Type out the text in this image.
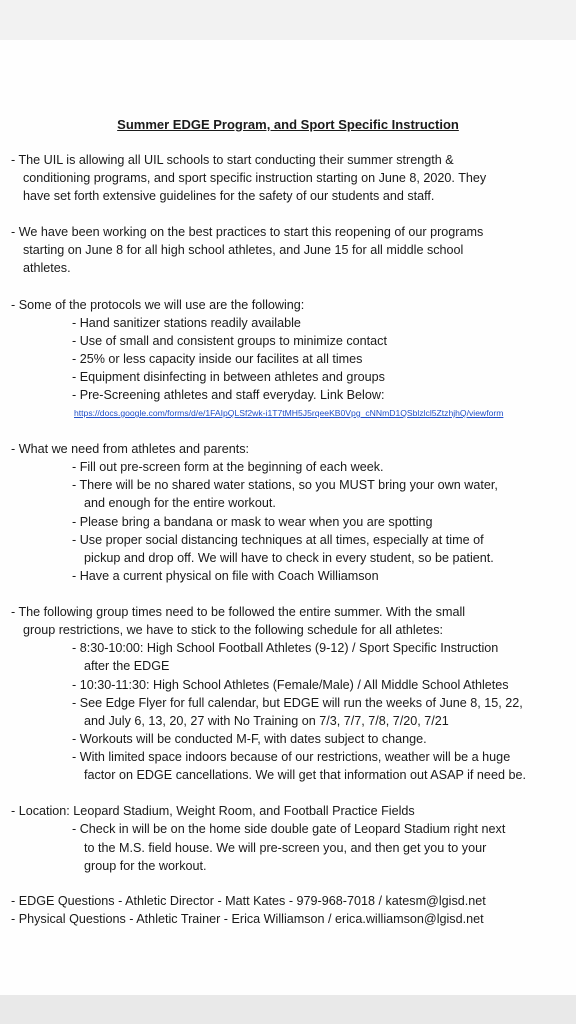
Summer EDGE Program, and Sport Specific Instruction
- The UIL is allowing all UIL schools to start conducting their summer strength &
conditioning programs, and sport specific instruction starting on June 8, 2020. They
have set forth extensive guidelines for the safety of our students and staff.
- We have been working on the best practices to start this reopening of our programs
starting on June 8 for all high school athletes, and June 15 for all middle school
athletes.
- Some of the protocols we will use are the following:
- Hand sanitizer stations readily available
- Use of small and consistent groups to minimize contact
- 25% or less capacity inside our facilites at all times
- Equipment disinfecting in between athletes and groups
- Pre-Screening athletes and staff everyday. Link Below:
https://docs.google.com/forms/d/e/1FAIpQLSf2wk-i1T7tMH5J5rqeeKB0Vpg_cNNmD1QSblzlcl5ZtzhjhQ/viewform
- What we need from athletes and parents:
- Fill out pre-screen form at the beginning of each week.
- There will be no shared water stations, so you MUST bring your own water,
and enough for the entire workout.
- Please bring a bandana or mask to wear when you are spotting
- Use proper social distancing techniques at all times, especially at time of
pickup and drop off. We will have to check in every student, so be patient.
- Have a current physical on file with Coach Williamson
- The following group times need to be followed the entire summer. With the small
group restrictions, we have to stick to the following schedule for all athletes:
- 8:30-10:00: High School Football Athletes (9-12) / Sport Specific Instruction
after the EDGE
- 10:30-11:30: High School Athletes (Female/Male) / All Middle School Athletes
- See Edge Flyer for full calendar, but EDGE will run the weeks of June 8, 15, 22,
and July 6, 13, 20, 27 with No Training on 7/3, 7/7, 7/8, 7/20, 7/21
- Workouts will be conducted M-F, with dates subject to change.
- With limited space indoors because of our restrictions, weather will be a huge
factor on EDGE cancellations. We will get that information out ASAP if need be.
- Location: Leopard Stadium, Weight Room, and Football Practice Fields
- Check in will be on the home side double gate of Leopard Stadium right next
to the M.S. field house. We will pre-screen you, and then get you to your
group for the workout.
- EDGE Questions - Athletic Director - Matt Kates - 979-968-7018 / katesm@lgisd.net
- Physical Questions - Athletic Trainer - Erica Williamson / erica.williamson@lgisd.net
